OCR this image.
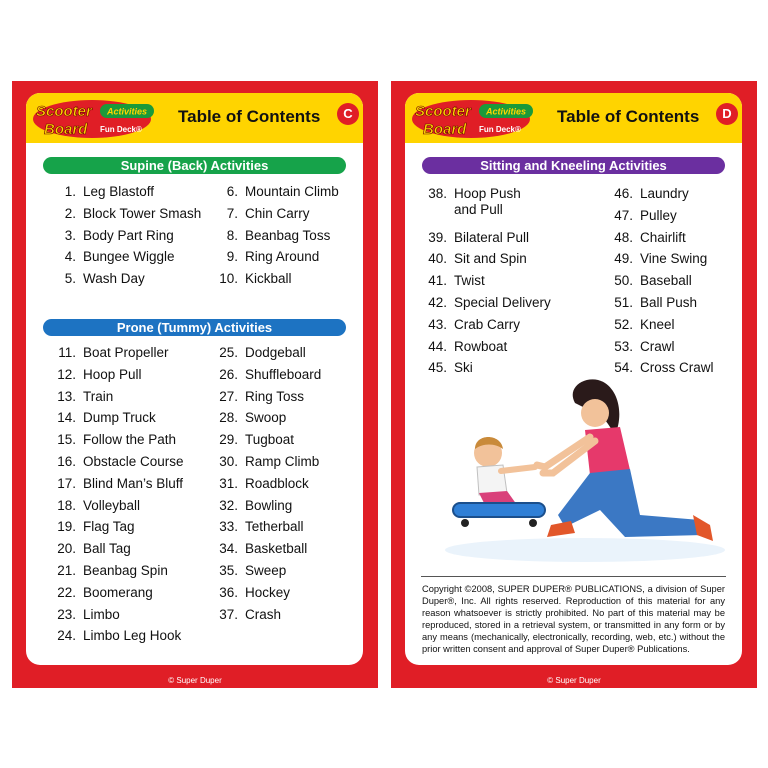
Scooter
Board
Activities
Fun Deck®
Table of Contents	C
Supine (Back) Activities
1. Leg Blastoff
2. Block Tower Smash
3. Body Part Ring
4. Bungee Wiggle
5. Wash Day
6. Mountain Climb
7. Chin Carry
8. Beanbag Toss
9. Ring Around
10. Kickball
Prone (Tummy) Activities
11. Boat Propeller
12. Hoop Pull
13. Train
14. Dump Truck
15. Follow the Path
16. Obstacle Course
17. Blind Man’s Bluff
18. Volleyball
19. Flag Tag
20. Ball Tag
21. Beanbag Spin
22. Boomerang
23. Limbo
24. Limbo Leg Hook
25. Dodgeball
26. Shuffleboard
27. Ring Toss
28. Swoop
29. Tugboat
30. Ramp Climb
31. Roadblock
32. Bowling
33. Tetherball
34. Basketball
35. Sweep
36. Hockey
37. Crash
© Super Duper
Scooter
Board
Activities
Fun Deck®
Table of Contents	D
Sitting and Kneeling Activities
38. Hoop Push
and Pull
39. Bilateral Pull
40. Sit and Spin
41. Twist
42. Special Delivery
43. Crab Carry
44. Rowboat
45. Ski
46. Laundry
47. Pulley
48. Chairlift
49. Vine Swing
50. Baseball
51. Ball Push
52. Kneel
53. Crawl
54. Cross Crawl
Copyright ©2008, SUPER DUPER® PUBLICATIONS, a division of Super Duper®, Inc. All rights reserved. Reproduction of this material for any reason whatsoever is strictly prohibited. No part of this material may be reproduced, stored in a retrieval system, or transmitted in any form or by any means (mechanically, electronically, recording, web, etc.) without the prior written consent and approval of Super Duper® Publications.
© Super Duper
